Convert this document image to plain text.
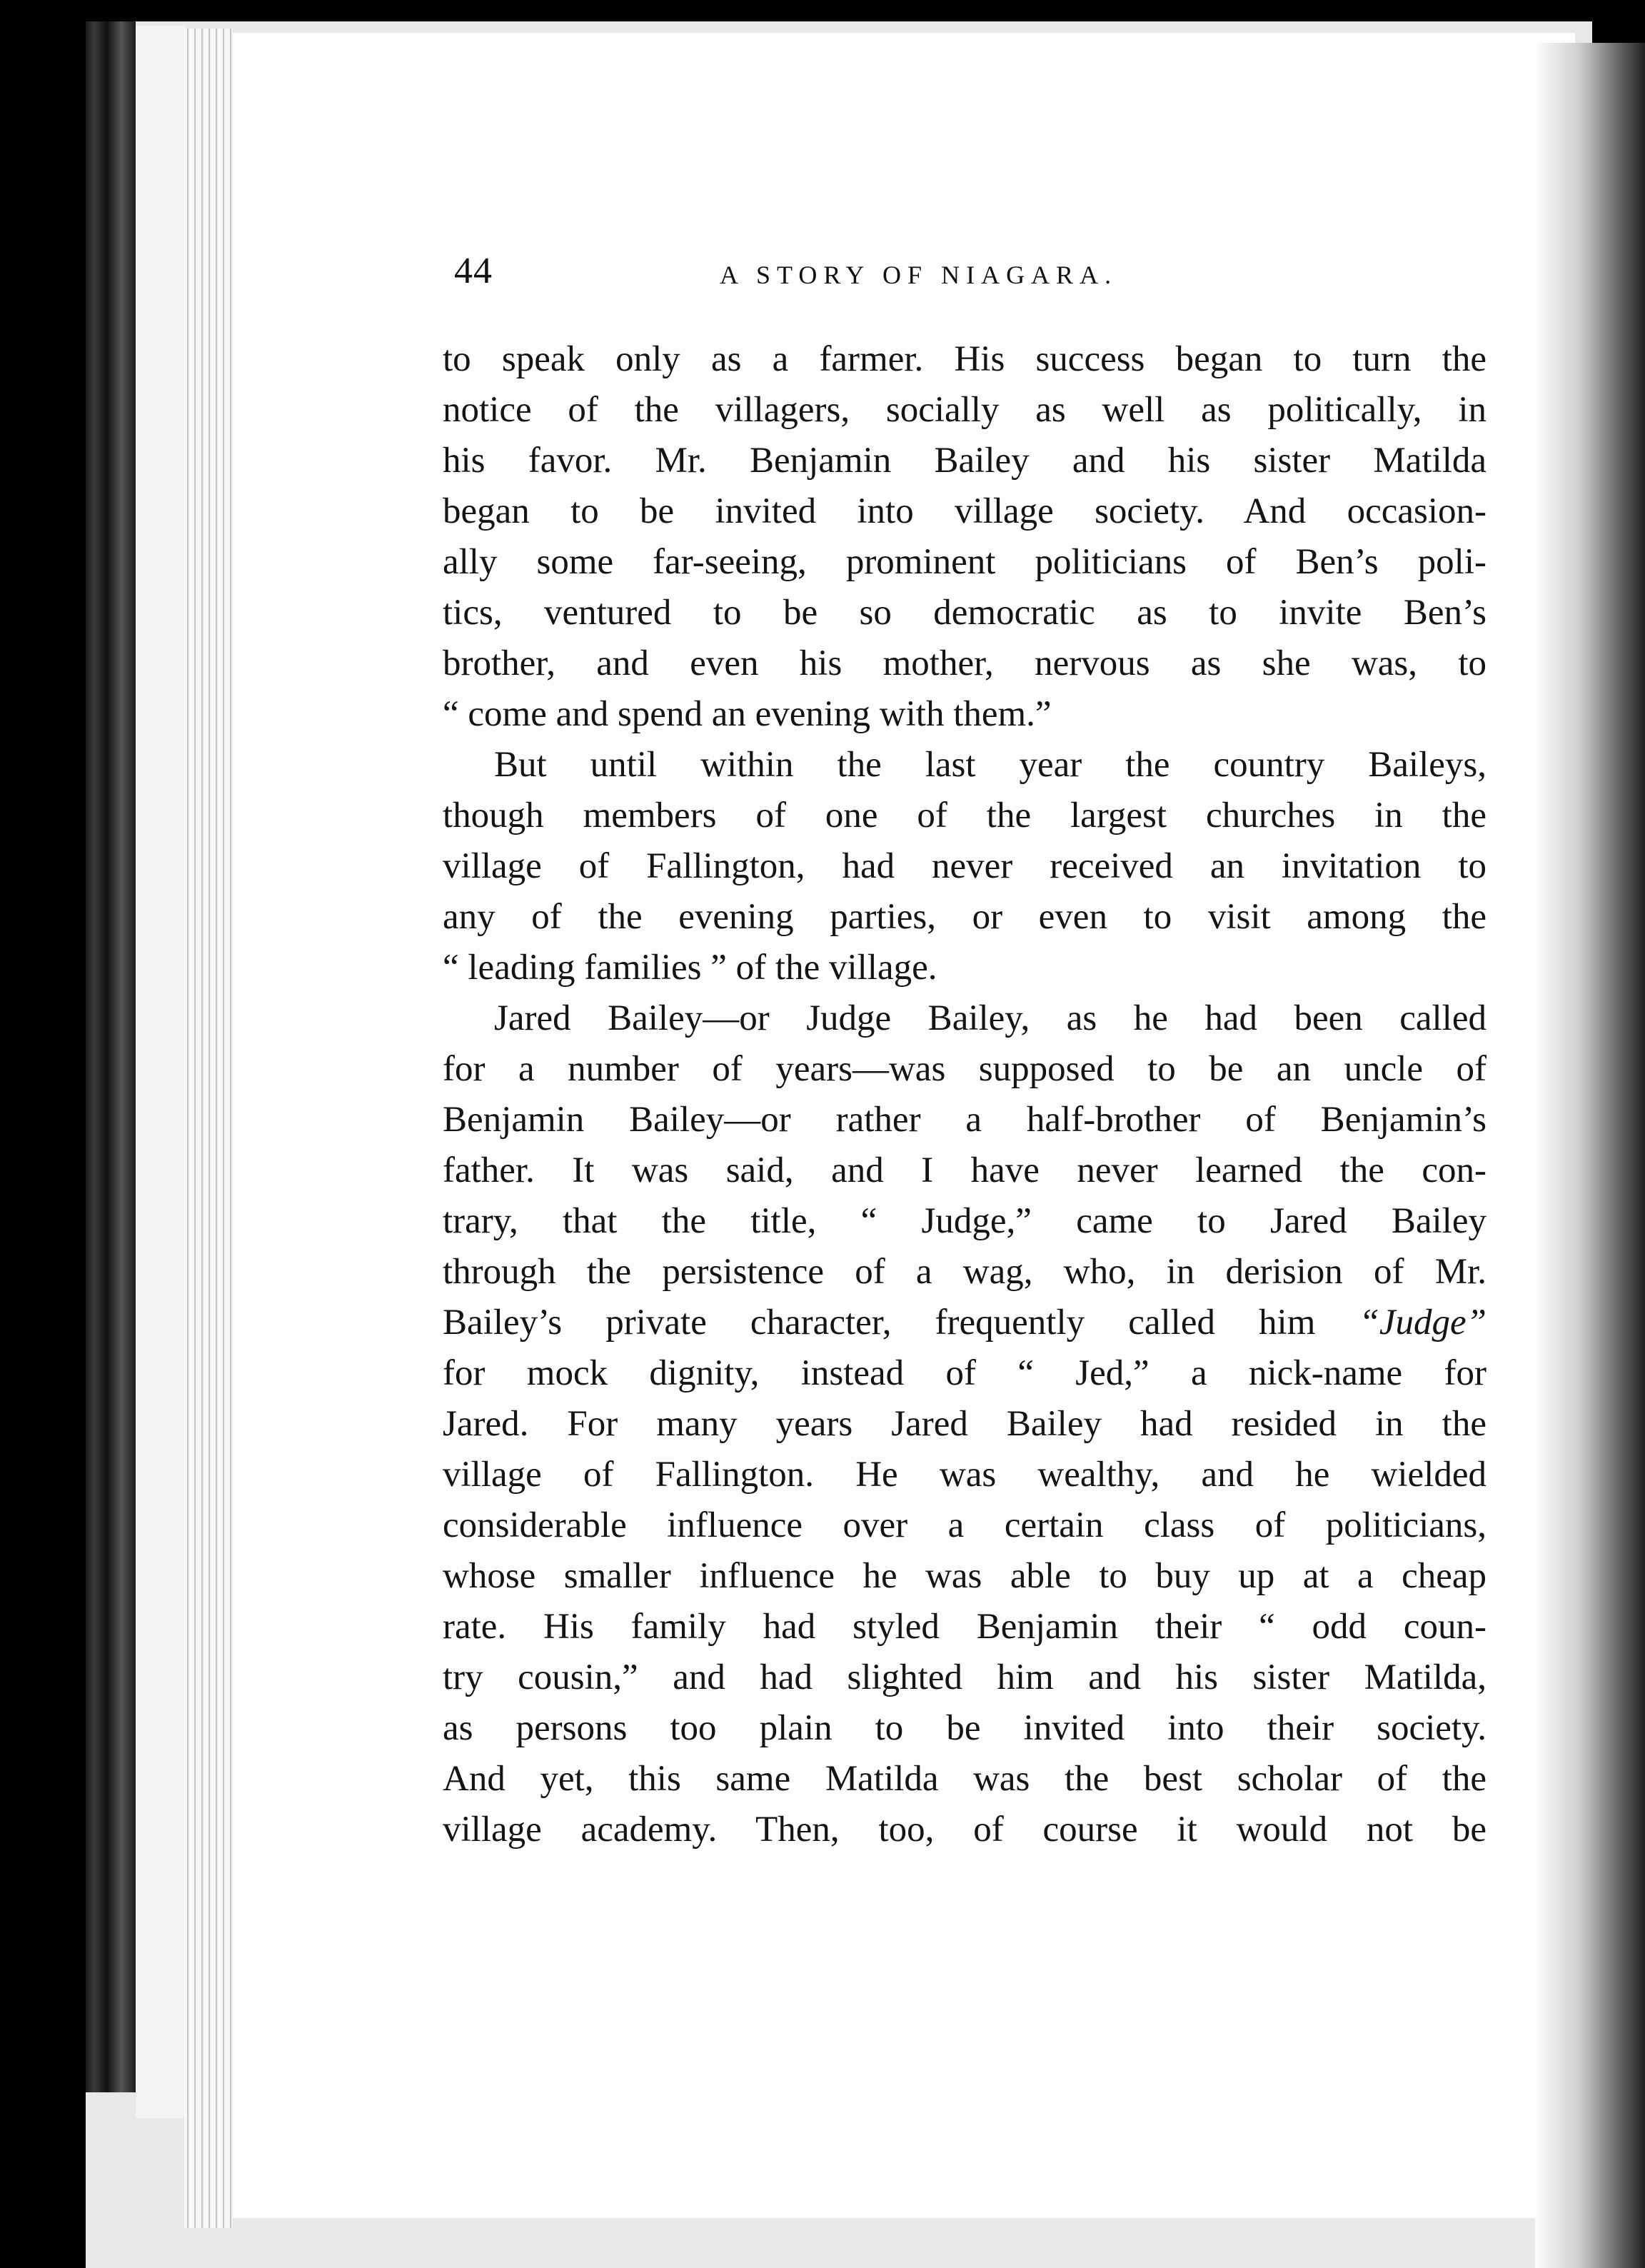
44	A STORY OF NIAGARA.
to speak only as a farmer. His success began to turn the
notice of the villagers, socially as well as politically, in
his favor. Mr. Benjamin Bailey and his sister Matilda
began to be invited into village society. And occasion-
ally some far-seeing, prominent politicians of Ben’s poli-
tics, ventured to be so democratic as to invite Ben’s
brother, and even his mother, nervous as she was, to
“ come and spend an evening with them.”
But until within the last year the country Baileys,
though members of one of the largest churches in the
village of Fallington, had never received an invitation to
any of the evening parties, or even to visit among the
“ leading families ” of the village.
Jared Bailey—or Judge Bailey, as he had been called
for a number of years—was supposed to be an uncle of
Benjamin Bailey—or rather a half-brother of Benjamin’s
father. It was said, and I have never learned the con-
trary, that the title, “ Judge,” came to Jared Bailey
through the persistence of a wag, who, in derision of Mr.
Bailey’s private character, frequently called him “Judge”
for mock dignity, instead of “ Jed,” a nick-name for
Jared. For many years Jared Bailey had resided in the
village of Fallington. He was wealthy, and he wielded
considerable influence over a certain class of politicians,
whose smaller influence he was able to buy up at a cheap
rate. His family had styled Benjamin their “ odd coun-
try cousin,” and had slighted him and his sister Matilda,
as persons too plain to be invited into their society.
And yet, this same Matilda was the best scholar of the
village academy. Then, too, of course it would not be
